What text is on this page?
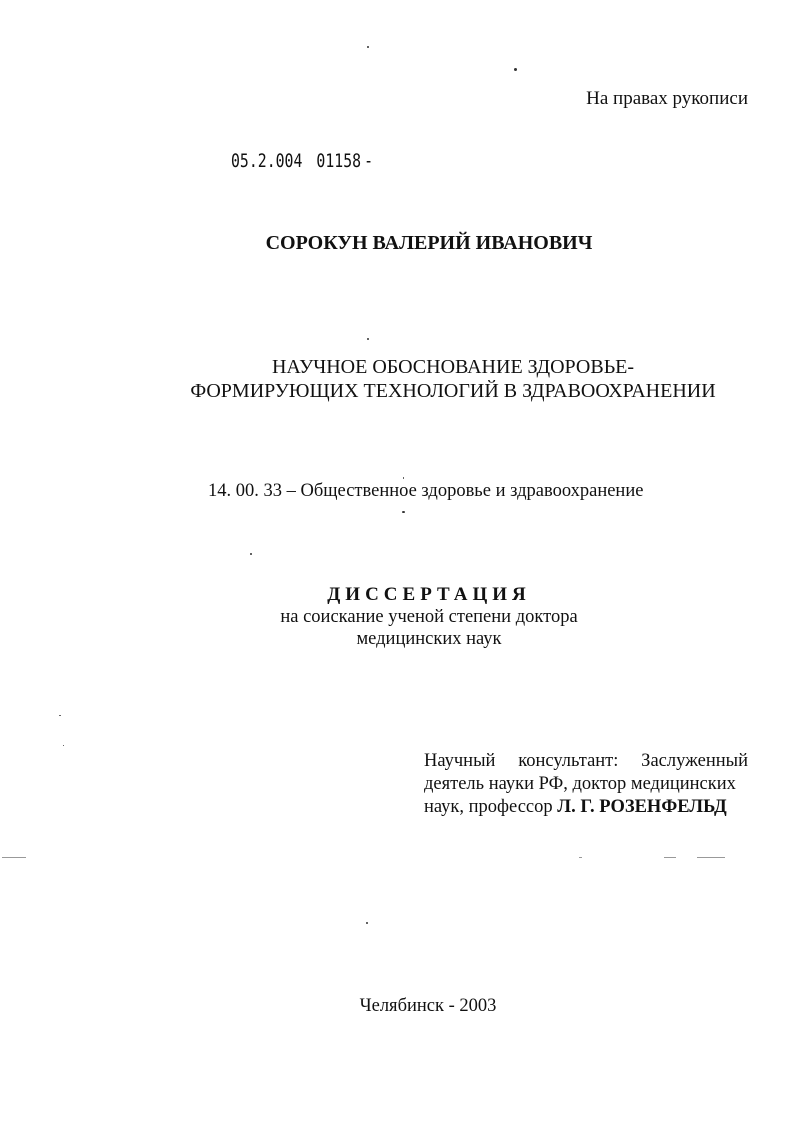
На правах рукописи
05.2.004 01158 -
СОРОКУН ВАЛЕРИЙ ИВАНОВИЧ
НАУЧНОЕ ОБОСНОВАНИЕ ЗДОРОВЬЕ-
ФОРМИРУЮЩИХ ТЕХНОЛОГИЙ В ЗДРАВООХРАНЕНИИ
14. 00. 33 – Общественное здоровье и здравоохранение
ДИССЕРТАЦИЯ
на соискание ученой степени доктора
медицинских наук
Научный консультант: Заслуженный
деятель науки РФ, доктор медицинских
наук, профессор Л. Г. РОЗЕНФЕЛЬД
Челябинск - 2003
